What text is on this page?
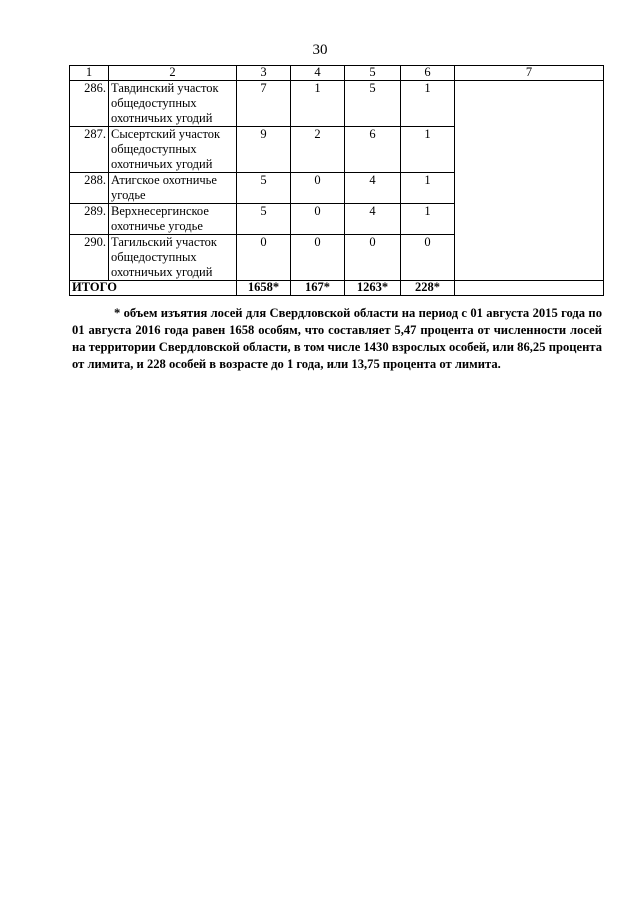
30
1	2	3	4	5	6	7
286.	Тавдинский участок общедоступных охотничьих угодий	7	1	5	1	
287.	Сысертский участок общедоступных охотничьих угодий	9	2	6	1	
288.	Атигское охотничье угодье	5	0	4	1	
289.	Верхнесергинское охотничье угодье	5	0	4	1	
290.	Тагильский участок общедоступных охотничьих угодий	0	0	0	0	
ИТОГО		1658*	167*	1263*	228*	

* объем изъятия лосей для Свердловской области на период с 01 августа 2015 года по 01 августа 2016 года равен 1658 особям, что составляет 5,47 процента от численности лосей на территории Свердловской области, в том числе 1430 взрослых особей, или 86,25 процента от лимита, и 228 особей в возрасте до 1 года, или 13,75 процента от лимита.
